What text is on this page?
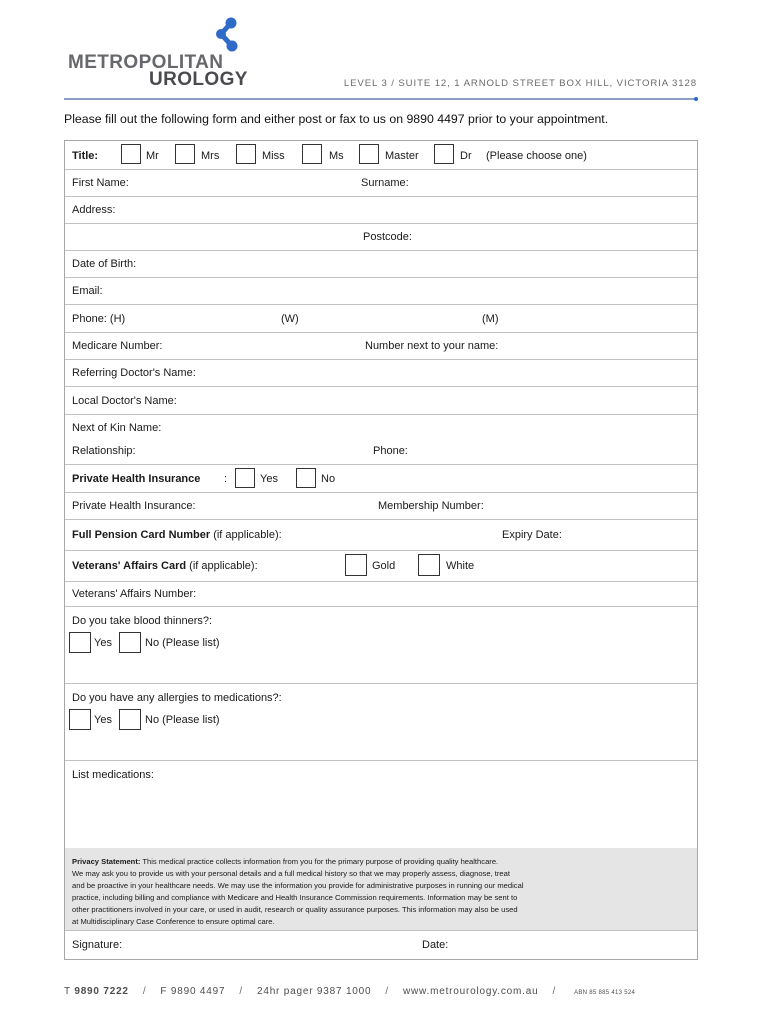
METROPOLITAN
UROLOGY	LEVEL 3 / SUITE 12, 1 ARNOLD STREET BOX HILL, VICTORIA 3128
Please fill out the following form and either post or fax to us on 9890 4497 prior to your appointment.
Title:	Mr	Mrs	Miss	Ms	Master	Dr (Please choose one)
First Name:	Surname:
Address:
Postcode:
Date of Birth:
Email:
Phone: (H)	(W)	(M)
Medicare Number:	Number next to your name:
Referring Doctor's Name:
Local Doctor's Name:
Next of Kin Name:
Relationship:	Phone:
Private Health Insurance :	Yes	No
Private Health Insurance:	Membership Number:
Full Pension Card Number (if applicable):	Expiry Date:
Veterans' Affairs Card (if applicable):	Gold	White
Veterans' Affairs Number:
Do you take blood thinners?:
Yes	No (Please list)
Do you have any allergies to medications?:
Yes	No (Please list)
List medications:
Privacy Statement: This medical practice collects information from you for the primary purpose of providing quality healthcare.
We may ask you to provide us with your personal details and a full medical history so that we may properly assess, diagnose, treat
and be proactive in your healthcare needs. We may use the information you provide for administrative purposes in running our medical
practice, including billing and compliance with Medicare and Health Insurance Commission requirements. Information may be sent to
other practitioners involved in your care, or used in audit, research or quality assurance purposes. This information may also be used
at Multidisciplinary Case Conference to ensure optimal care.
Signature:	Date:
T 9890 7222 / F 9890 4497 / 24hr pager 9387 1000 / www.metrourology.com.au /	ABN 85 885 413 524
